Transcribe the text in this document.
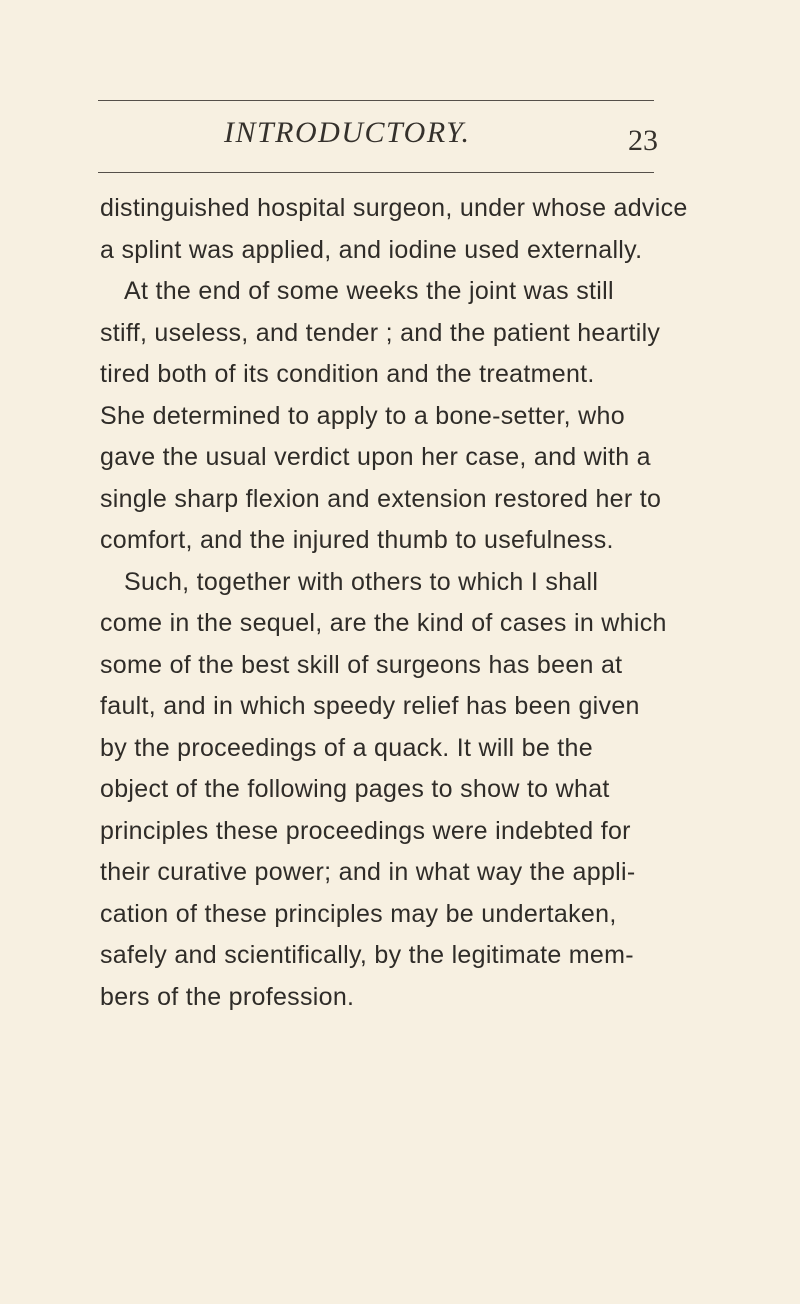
INTRODUCTORY.	23
distinguished hospital surgeon, under whose advice
a splint was applied, and iodine used externally.
At the end of some weeks the joint was still
stiff, useless, and tender ; and the patient heartily
tired both of its condition and the treatment.
She determined to apply to a bone-setter, who
gave the usual verdict upon her case, and with a
single sharp flexion and extension restored her to
comfort, and the injured thumb to usefulness.
Such, together with others to which I shall
come in the sequel, are the kind of cases in which
some of the best skill of surgeons has been at
fault, and in which speedy relief has been given
by the proceedings of a quack. It will be the
object of the following pages to show to what
principles these proceedings were indebted for
their curative power; and in what way the appli-
cation of these principles may be undertaken,
safely and scientifically, by the legitimate mem-
bers of the profession.
